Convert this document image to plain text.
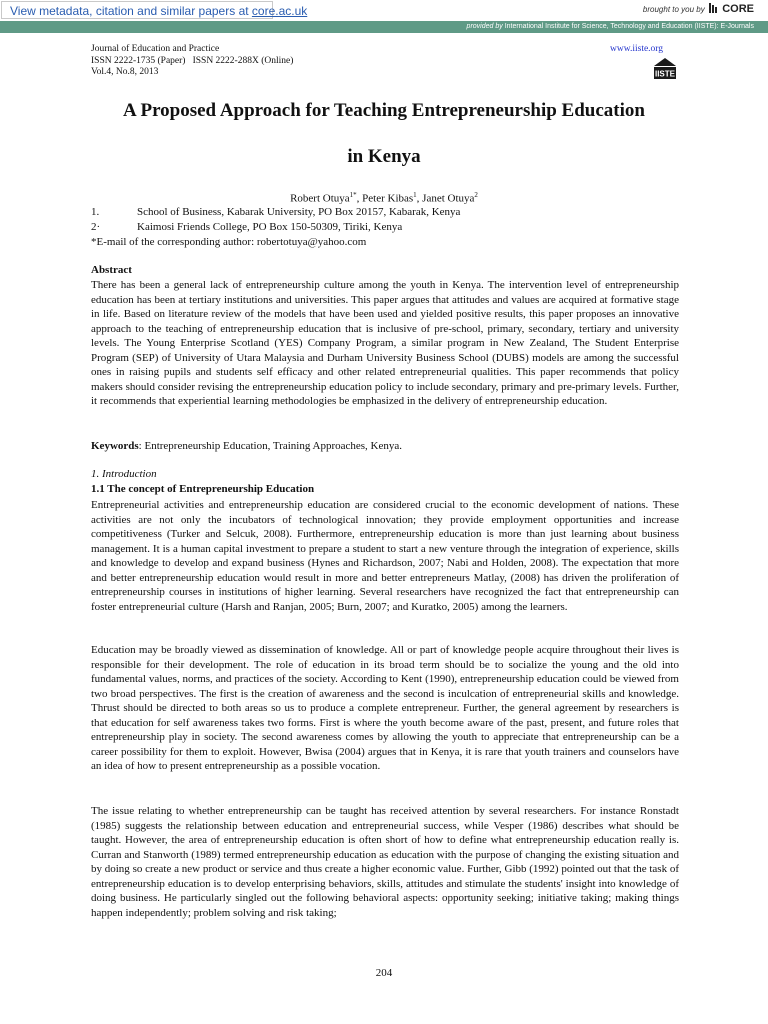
View metadata, citation and similar papers at core.ac.uk	brought to you by CORE
provided by International Institute for Science, Technology and Education (IISTE): E-Journals
Journal of Education and Practice
ISSN 2222-1735 (Paper)   ISSN 2222-288X (Online)
Vol.4, No.8, 2013
www.iiste.org
IISTE
A Proposed Approach for Teaching Entrepreneurship Education
in Kenya
Robert Otuya$^{1*}$, Peter Kibas$^1$, Janet Otuya$^2$
1.	School of Business, Kabarak University, PO Box 20157, Kabarak, Kenya
2·	Kaimosi Friends College, PO Box 150-50309, Tiriki, Kenya
*E-mail of the corresponding author: robertotuya@yahoo.com
Abstract
There has been a general lack of entrepreneurship culture among the youth in Kenya. The intervention level of entrepreneurship education has been at tertiary institutions and universities. This paper argues that attitudes and values are acquired at formative stage in life. Based on literature review of the models that have been used and yielded positive results, this paper proposes an innovative approach to the teaching of entrepreneurship education that is inclusive of pre-school, primary, secondary, tertiary and university levels. The Young Enterprise Scotland (YES) Company Program, a similar program in New Zealand, The Student Enterprise Program (SEP) of University of Utara Malaysia and Durham University Business School (DUBS) models are among the successful ones in raising pupils and students self efficacy and other related entrepreneurial qualities. This paper recommends that policy makers should consider revising the entrepreneurship education policy to include secondary, primary and pre-primary levels. Further, it recommends that experiential learning methodologies be emphasized in the delivery of entrepreneurship education.
Keywords: Entrepreneurship Education, Training Approaches, Kenya.
1. Introduction
1.1 The concept of Entrepreneurship Education
Entrepreneurial activities and entrepreneurship education are considered crucial to the economic development of nations. These activities are not only the incubators of technological innovation; they provide employment opportunities and increase competitiveness (Turker and Selcuk, 2008). Furthermore, entrepreneurship education is more than just learning about business management. It is a human capital investment to prepare a student to start a new venture through the integration of experience, skills and knowledge to develop and expand business (Hynes and Richardson, 2007; Nabi and Holden, 2008). The expectation that more and better entrepreneurship education would result in more and better entrepreneurs Matlay, (2008) has driven the proliferation of entrepreneurship courses in institutions of higher learning. Several researchers have recognized the fact that entrepreneurship can foster entrepreneurial culture (Harsh and Ranjan, 2005; Burn, 2007; and Kuratko, 2005) among the learners.
Education may be broadly viewed as dissemination of knowledge. All or part of knowledge people acquire throughout their lives is responsible for their development. The role of education in its broad term should be to socialize the young and the old into fundamental values, norms, and practices of the society. According to Kent (1990), entrepreneurship education could be viewed from two broad perspectives. The first is the creation of awareness and the second is inculcation of entrepreneurial skills and knowledge. Thrust should be directed to both areas so us to produce a complete entrepreneur. Further, the general agreement by researchers is that education for self awareness takes two forms. First is where the youth become aware of the past, present, and future roles that entrepreneurship play in society. The second awareness comes by allowing the youth to appreciate that entrepreneurship can be a career possibility for them to exploit. However, Bwisa (2004) argues that in Kenya, it is rare that youth trainers and counselors have an idea of how to present entrepreneurship as a possible vocation.
The issue relating to whether entrepreneurship can be taught has received attention by several researchers. For instance Ronstadt (1985) suggests the relationship between education and entrepreneurial success, while Vesper (1986) describes what should be taught. However, the area of entrepreneurship education is often short of how to define what entrepreneurship education really is. Curran and Stanworth (1989) termed entrepreneurship education as education with the purpose of changing the existing situation and by doing so create a new product or service and thus create a higher economic value. Further, Gibb (1992) pointed out that the task of entrepreneurship education is to develop enterprising behaviors, skills, attitudes and stimulate the students' insight into knowledge of doing business. He particularly singled out the following behavioral aspects: opportunity seeking; initiative taking; making things happen independently; problem solving and risk taking;
204
